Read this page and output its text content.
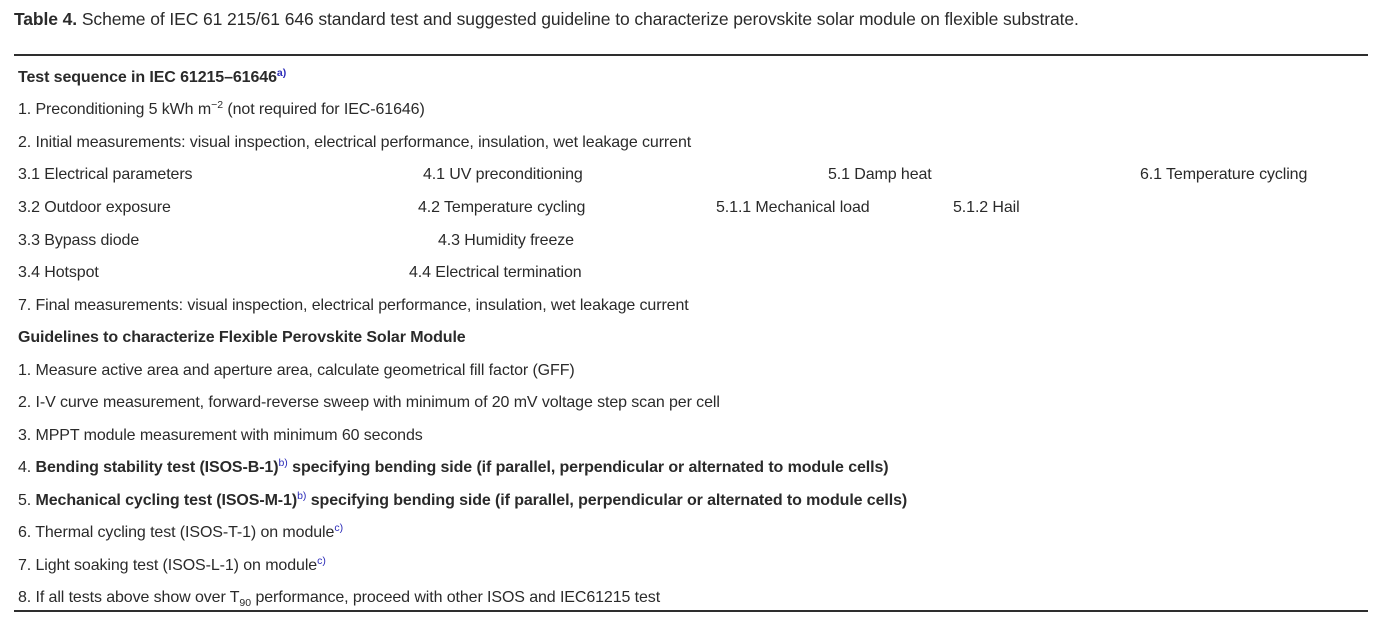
Table 4. Scheme of IEC 61 215/61 646 standard test and suggested guideline to characterize perovskite solar module on flexible substrate.
Test sequence in IEC 61215–61646$^{a)}$
1. Preconditioning 5 kWh $m^{-2}$ (not required for IEC-61646)
2. Initial measurements: visual inspection, electrical performance, insulation, wet leakage current
3.1 Electrical parameters	4.1 UV preconditioning	5.1 Damp heat	6.1 Temperature cycling
3.2 Outdoor exposure	4.2 Temperature cycling	5.1.1 Mechanical load	5.1.2 Hail
3.3 Bypass diode	4.3 Humidity freeze
3.4 Hotspot	4.4 Electrical termination
7. Final measurements: visual inspection, electrical performance, insulation, wet leakage current
Guidelines to characterize Flexible Perovskite Solar Module
1. Measure active area and aperture area, calculate geometrical fill factor (GFF)
2. I-V curve measurement, forward-reverse sweep with minimum of 20 mV voltage step scan per cell
3. MPPT module measurement with minimum 60 seconds
4. Bending stability test (ISOS-B-1)$^{b)}$ specifying bending side (if parallel, perpendicular or alternated to module cells)
5. Mechanical cycling test (ISOS-M-1)$^{b)}$ specifying bending side (if parallel, perpendicular or alternated to module cells)
6. Thermal cycling test (ISOS-T-1) on module$^{c)}$
7. Light soaking test (ISOS-L-1) on module$^{c)}$
8. If all tests above show over $T_{90}$ performance, proceed with other ISOS and IEC61215 test
